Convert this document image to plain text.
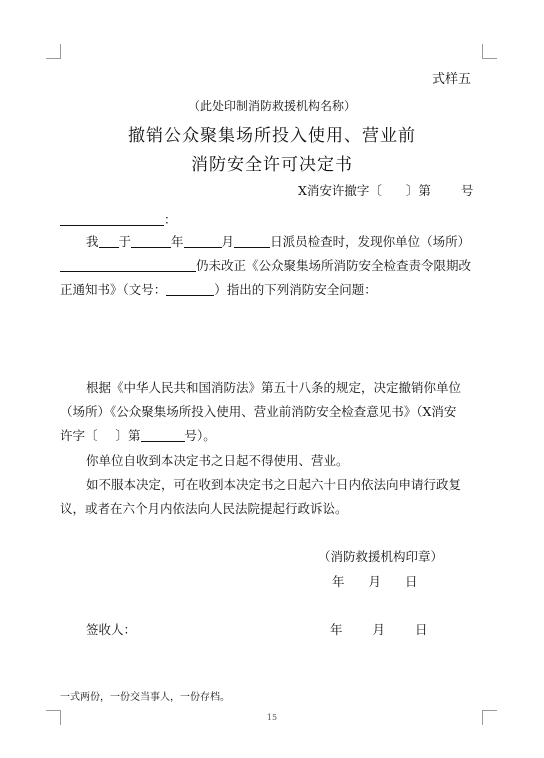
式样五
（此处印制消防救援机构名称）
撤销公众聚集场所投入使用、营业前
消防安全许可决定书
X消安许撤字〔 〕第 号
：
我 于	年	月	日派员检查时，发现你单位（场所）
仍未改正《公众聚集场所消防安全检查责令限期改
正通知书》（文号：	）指出的下列消防安全问题：
根据《中华人民共和国消防法》第五十八条的规定，决定撤销你单位
（场所）《公众聚集场所投入使用、营业前消防安全检查意见书》（X消安
许字〔 〕第	号）。
你单位自收到本决定书之日起不得使用、营业。
如不服本决定，可在收到本决定书之日起六十日内依法向申请行政复
议，或者在六个月内依法向人民法院提起行政诉讼。
（消防救援机构印章）
年 月 日
签收人：	年 月 日
一式两份，一份交当事人，一份存档。
15
